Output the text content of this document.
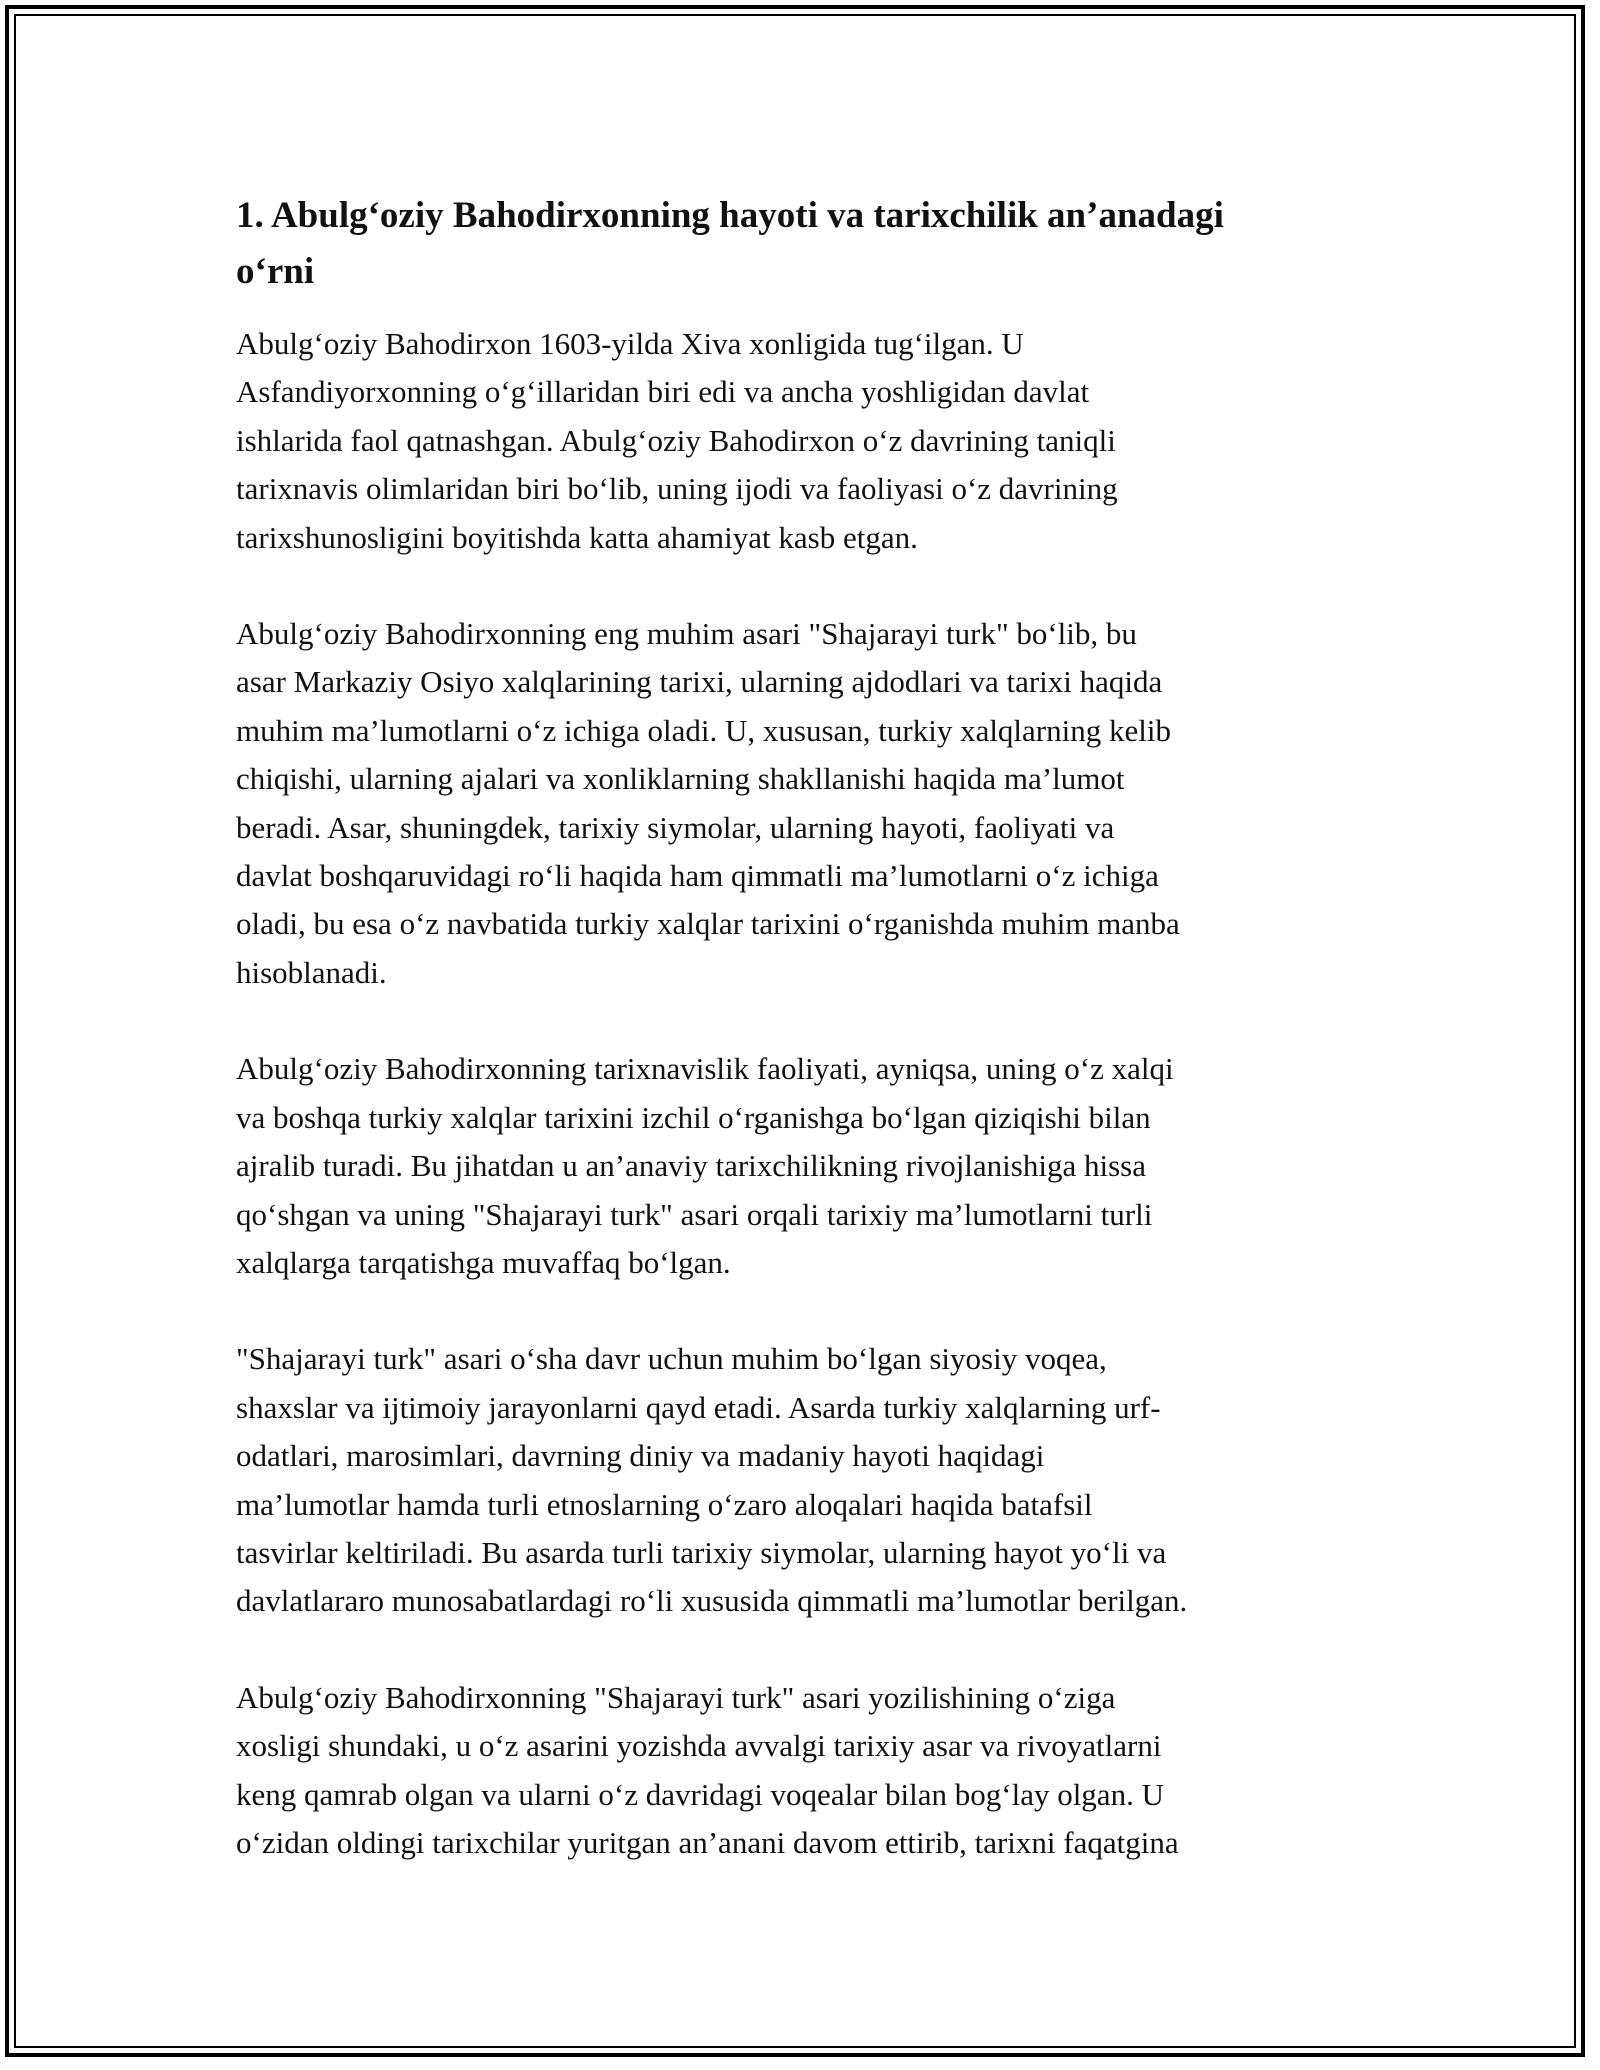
1. Abulg‘oziy Bahodirxonning hayoti va tarixchilik an’anadagi
o‘rni

Abulg‘oziy Bahodirxon 1603-yilda Xiva xonligida tug‘ilgan. U
Asfandiyorxonning o‘g‘illaridan biri edi va ancha yoshligidan davlat
ishlarida faol qatnashgan. Abulg‘oziy Bahodirxon o‘z davrining taniqli
tarixnavis olimlaridan biri bo‘lib, uning ijodi va faoliyasi o‘z davrining
tarixshunosligini boyitishda katta ahamiyat kasb etgan.

Abulg‘oziy Bahodirxonning eng muhim asari "Shajarayi turk" bo‘lib, bu
asar Markaziy Osiyo xalqlarining tarixi, ularning ajdodlari va tarixi haqida
muhim ma’lumotlarni o‘z ichiga oladi. U, xususan, turkiy xalqlarning kelib
chiqishi, ularning ajalari va xonliklarning shakllanishi haqida ma’lumot
beradi. Asar, shuningdek, tarixiy siymolar, ularning hayoti, faoliyati va
davlat boshqaruvidagi ro‘li haqida ham qimmatli ma’lumotlarni o‘z ichiga
oladi, bu esa o‘z navbatida turkiy xalqlar tarixini o‘rganishda muhim manba
hisoblanadi.

Abulg‘oziy Bahodirxonning tarixnavislik faoliyati, ayniqsa, uning o‘z xalqi
va boshqa turkiy xalqlar tarixini izchil o‘rganishga bo‘lgan qiziqishi bilan
ajralib turadi. Bu jihatdan u an’anaviy tarixchilikning rivojlanishiga hissa
qo‘shgan va uning "Shajarayi turk" asari orqali tarixiy ma’lumotlarni turli
xalqlarga tarqatishga muvaffaq bo‘lgan.

"Shajarayi turk" asari o‘sha davr uchun muhim bo‘lgan siyosiy voqea,
shaxslar va ijtimoiy jarayonlarni qayd etadi. Asarda turkiy xalqlarning urf-
odatlari, marosimlari, davrning diniy va madaniy hayoti haqidagi
ma’lumotlar hamda turli etnoslarning o‘zaro aloqalari haqida batafsil
tasvirlar keltiriladi. Bu asarda turli tarixiy siymolar, ularning hayot yo‘li va
davlatlararo munosabatlardagi ro‘li xususida qimmatli ma’lumotlar berilgan.

Abulg‘oziy Bahodirxonning "Shajarayi turk" asari yozilishining o‘ziga
xosligi shundaki, u o‘z asarini yozishda avvalgi tarixiy asar va rivoyatlarni
keng qamrab olgan va ularni o‘z davridagi voqealar bilan bog‘lay olgan. U
o‘zidan oldingi tarixchilar yuritgan an’anani davom ettirib, tarixni faqatgina
